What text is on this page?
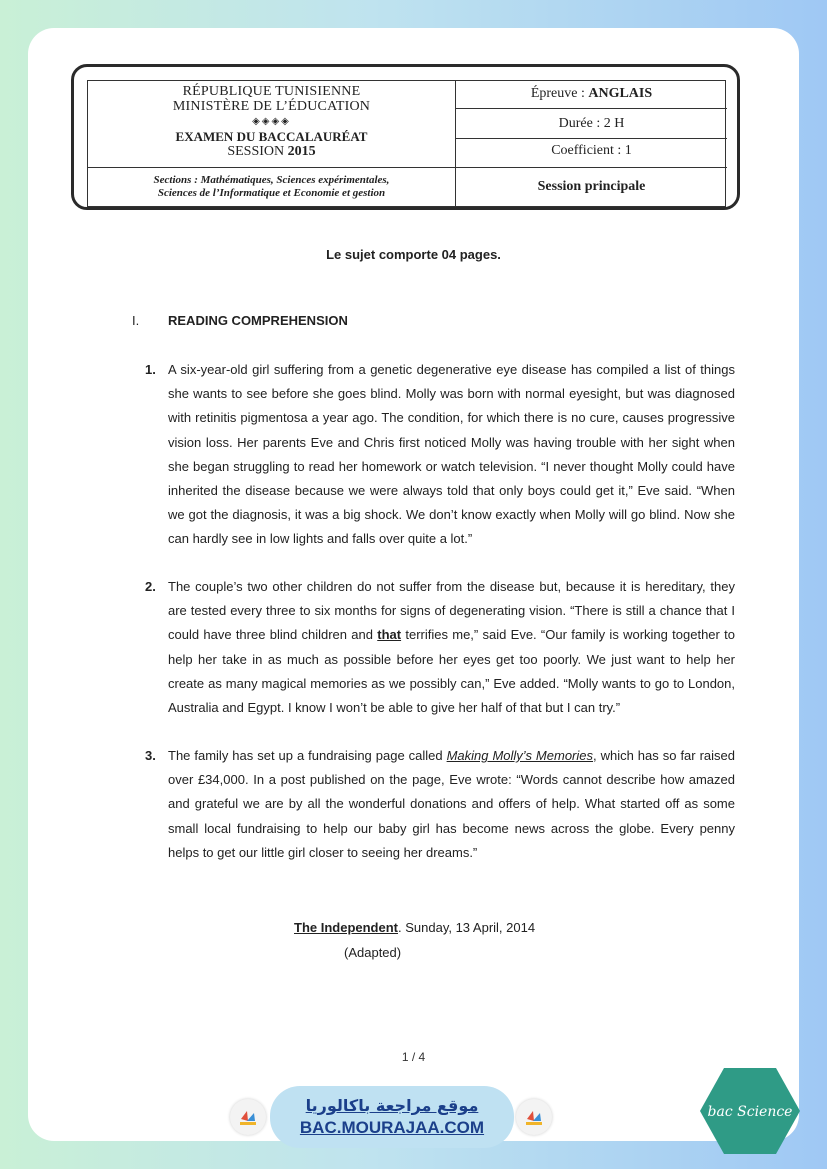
RÉPUBLIQUE TUNISIENNE
MINISTÈRE DE L’ÉDUCATION
◈◈◈◈
EXAMEN DU BACCALAURÉAT
SESSION 2015
Sections : Mathématiques, Sciences expérimentales,
Sciences de l’Informatique et Economie et gestion
Épreuve : ANGLAIS
Durée : 2 H
Coefficient : 1
Session principale
Le sujet comporte 04 pages.
I. READING COMPREHENSION
1. A six-year-old girl suffering from a genetic degenerative eye disease has compiled a list of things she wants to see before she goes blind. Molly was born with normal eyesight, but was diagnosed with retinitis pigmentosa a year ago. The condition, for which there is no cure, causes progressive vision loss. Her parents Eve and Chris first noticed Molly was having trouble with her sight when she began struggling to read her homework or watch television. “I never thought Molly could have inherited the disease because we were always told that only boys could get it,” Eve said. “When we got the diagnosis, it was a big shock. We don’t know exactly when Molly will go blind. Now she can hardly see in low lights and falls over quite a lot.”
2. The couple’s two other children do not suffer from the disease but, because it is hereditary, they are tested every three to six months for signs of degenerating vision. “There is still a chance that I could have three blind children and that terrifies me,” said Eve. “Our family is working together to help her take in as much as possible before her eyes get too poorly. We just want to help her create as many magical memories as we possibly can,” Eve added. “Molly wants to go to London, Australia and Egypt. I know I won’t be able to give her half of that but I can try.”
3. The family has set up a fundraising page called Making Molly’s Memories, which has so far raised over £34,000. In a post published on the page, Eve wrote: “Words cannot describe how amazed and grateful we are by all the wonderful donations and offers of help. What started off as some small local fundraising to help our baby girl has become news across the globe. Every penny helps to get our little girl closer to seeing her dreams.”
The Independent. Sunday, 13 April, 2014
(Adapted)
1 / 4
موقع مراجعة باكالوريا
BAC.MOURAJAA.COM
bac Science
